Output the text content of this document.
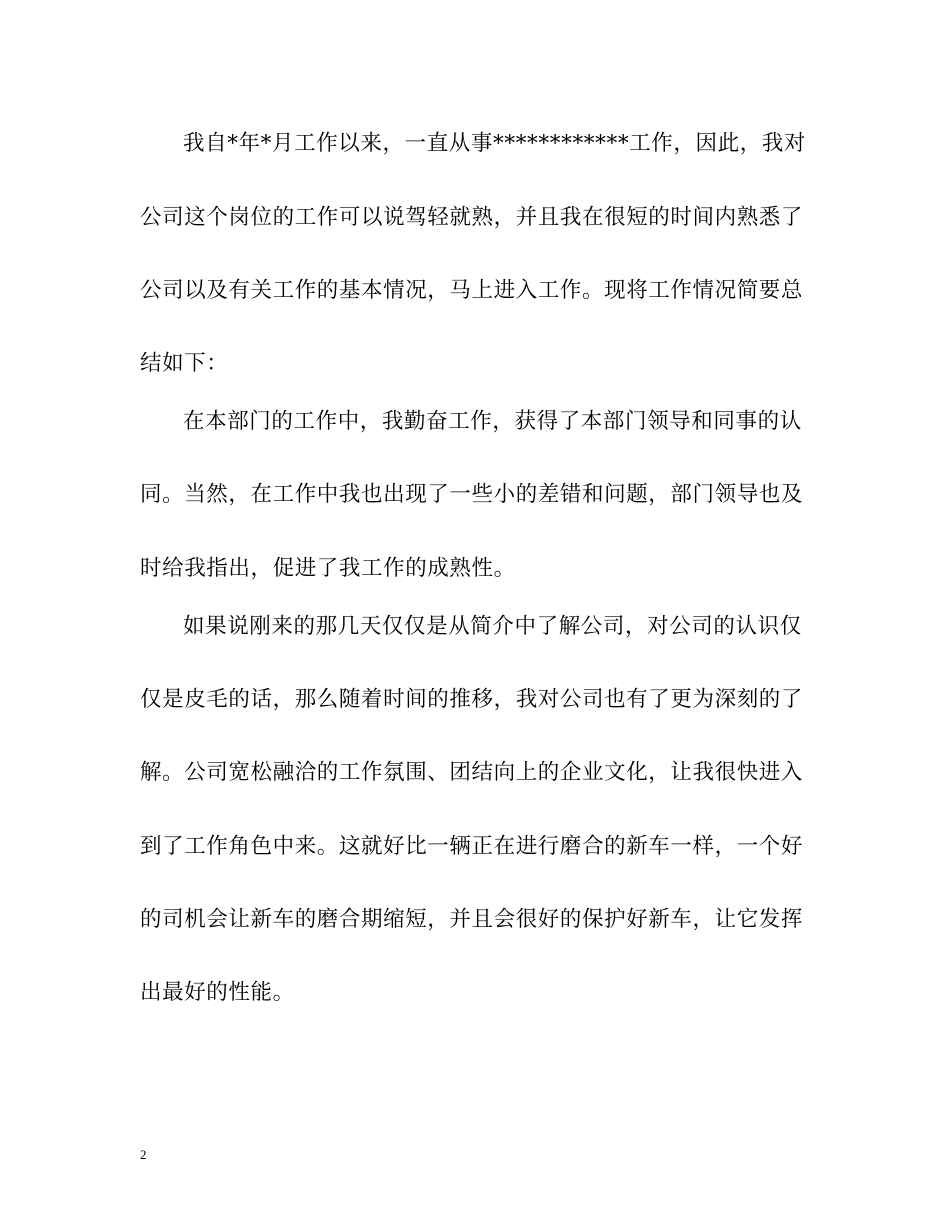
我自*年*月工作以来，一直从事************工作，因此，我对
公司这个岗位的工作可以说驾轻就熟，并且我在很短的时间内熟悉了
公司以及有关工作的基本情况，马上进入工作。现将工作情况简要总
结如下：
在本部门的工作中，我勤奋工作，获得了本部门领导和同事的认
同。当然，在工作中我也出现了一些小的差错和问题，部门领导也及
时给我指出，促进了我工作的成熟性。
如果说刚来的那几天仅仅是从简介中了解公司，对公司的认识仅
仅是皮毛的话，那么随着时间的推移，我对公司也有了更为深刻的了
解。公司宽松融洽的工作氛围、团结向上的企业文化，让我很快进入
到了工作角色中来。这就好比一辆正在进行磨合的新车一样，一个好
的司机会让新车的磨合期缩短，并且会很好的保护好新车，让它发挥
出最好的性能。
2
